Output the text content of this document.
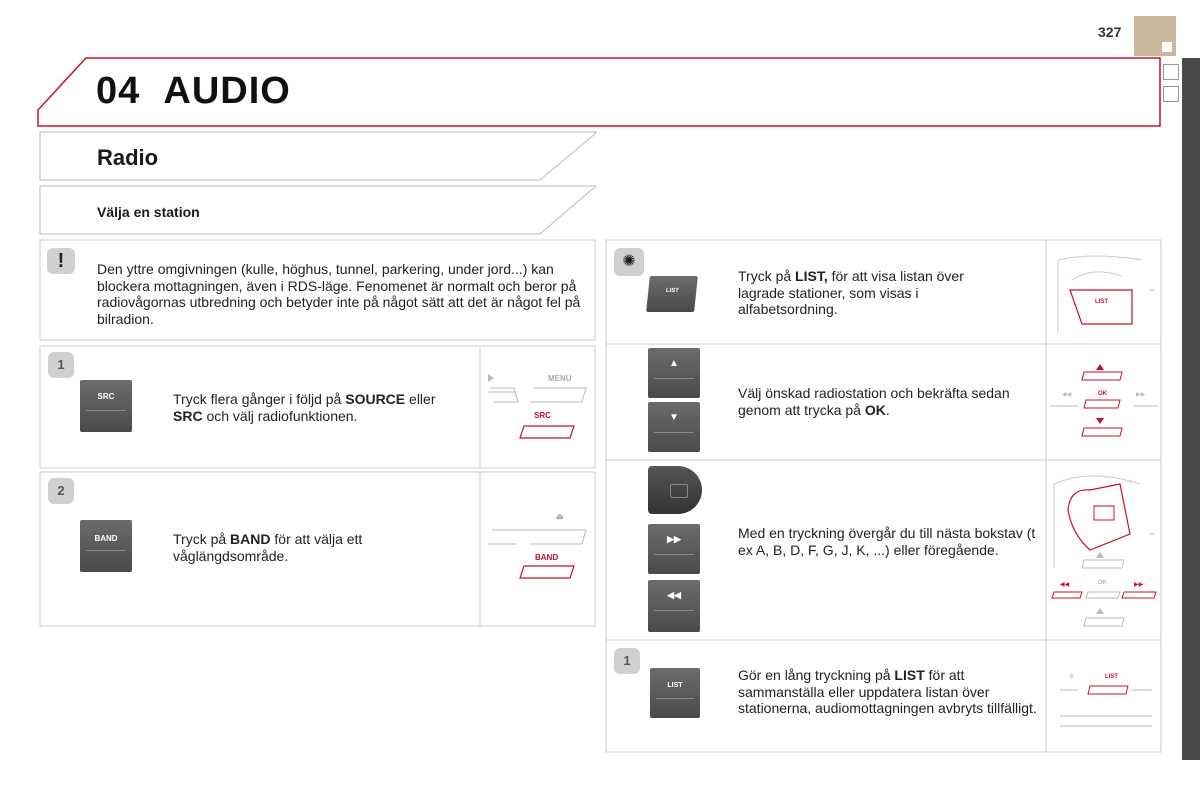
327
04 AUDIO
Radio
Välja en station
!	Den yttre omgivningen (kulle, höghus, tunnel, parkering, under jord...) kan blockera mottagningen, även i RDS-läge. Fenomenet är normalt och beror på radiovågornas utbredning och betyder inte på något sätt att det är något fel på bilradion.
1
SRC	Tryck flera gånger i följd på SOURCE eller SRC och välj radiofunktionen.
MENU
SRC
2
BAND	Tryck på BAND för att välja ett våglängdsområde.
⏏
BAND
✺
LIST
Tryck på LIST, för att visa listan över lagrade stationer, som visas i alfabetsordning.	LIST
▲
▼
Välj önskad radiostation och bekräfta sedan genom att trycka på OK.
◀◀	▶▶
OK
▶▶
◀◀
Med en tryckning övergår du till nästa bokstav (t ex A, B, D, F, G, J, K, ...) eller föregående.
+
◀◀	▶▶
OK
1
LIST
Gör en lång tryckning på LIST för att sammanställa eller uppdatera listan över stationerna, audiomottagningen avbryts tillfälligt.
6	LIST
